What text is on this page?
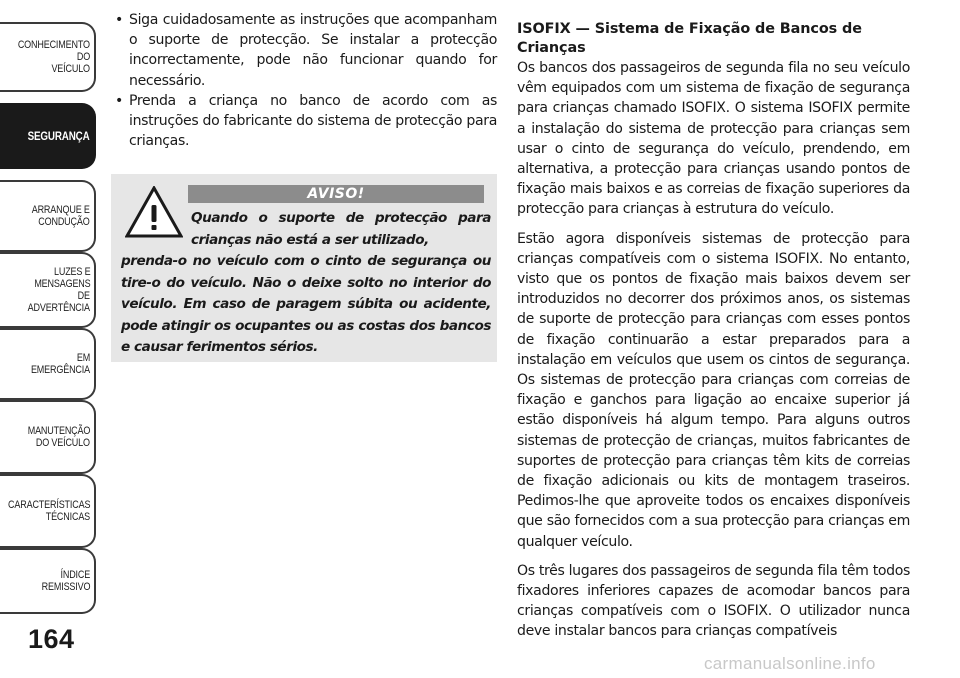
CONHECIMENTO
DO
VEÍCULO
SEGURANÇA
ARRANQUE E
CONDUÇÃO
LUZES E
MENSAGENS
DE
ADVERTÊNCIA
EM
EMERGÊNCIA
MANUTENÇÃO
DO VEÍCULO
CARACTERÍSTICAS
TÉCNICAS
ÍNDICE
REMISSIVO
164
• Siga cuidadosamente as instruções que acompanham o suporte de protecção. Se instalar a protecção incorrectamente, pode não funcionar quando for necessário.
• Prenda a criança no banco de acordo com as instruções do fabricante do sistema de protecção para crianças.
AVISO!
Quando o suporte de protecção para crianças não está a ser utilizado,
prenda-o no veículo com o cinto de segurança ou tire-o do veículo. Não o deixe solto no interior do veículo. Em caso de paragem súbita ou acidente, pode atingir os ocupantes ou as costas dos bancos e causar ferimentos sérios.
ISOFIX — Sistema de Fixação de Bancos de Crianças

Os bancos dos passageiros de segunda fila no seu veículo vêm equipados com um sistema de fixação de segurança para crianças chamado ISOFIX. O sistema ISOFIX permite a instalação do sistema de protecção para crianças sem usar o cinto de segurança do veículo, prendendo, em alternativa, a protecção para crianças usando pontos de fixação mais baixos e as correias de fixação superiores da protecção para crianças à estrutura do veículo.

Estão agora disponíveis sistemas de protecção para crianças compatíveis com o sistema ISOFIX. No entanto, visto que os pontos de fixação mais baixos devem ser introduzidos no decorrer dos próximos anos, os sistemas de suporte de protecção para crianças com esses pontos de fixação continuarão a estar preparados para a instalação em veículos que usem os cintos de segurança. Os sistemas de protecção para crianças com correias de fixação e ganchos para ligação ao encaixe superior já estão disponíveis há algum tempo. Para alguns outros sistemas de protecção de crianças, muitos fabricantes de suportes de protecção para crianças têm kits de correias de fixação adicionais ou kits de montagem traseiros. Pedimos-lhe que aproveite todos os encaixes disponíveis que são fornecidos com a sua protecção para crianças em qualquer veículo.

Os três lugares dos passageiros de segunda fila têm todos fixadores inferiores capazes de acomodar bancos para crianças compatíveis com o ISOFIX. O utilizador nunca deve instalar bancos para crianças compatíveis

carmanualsonline.info
